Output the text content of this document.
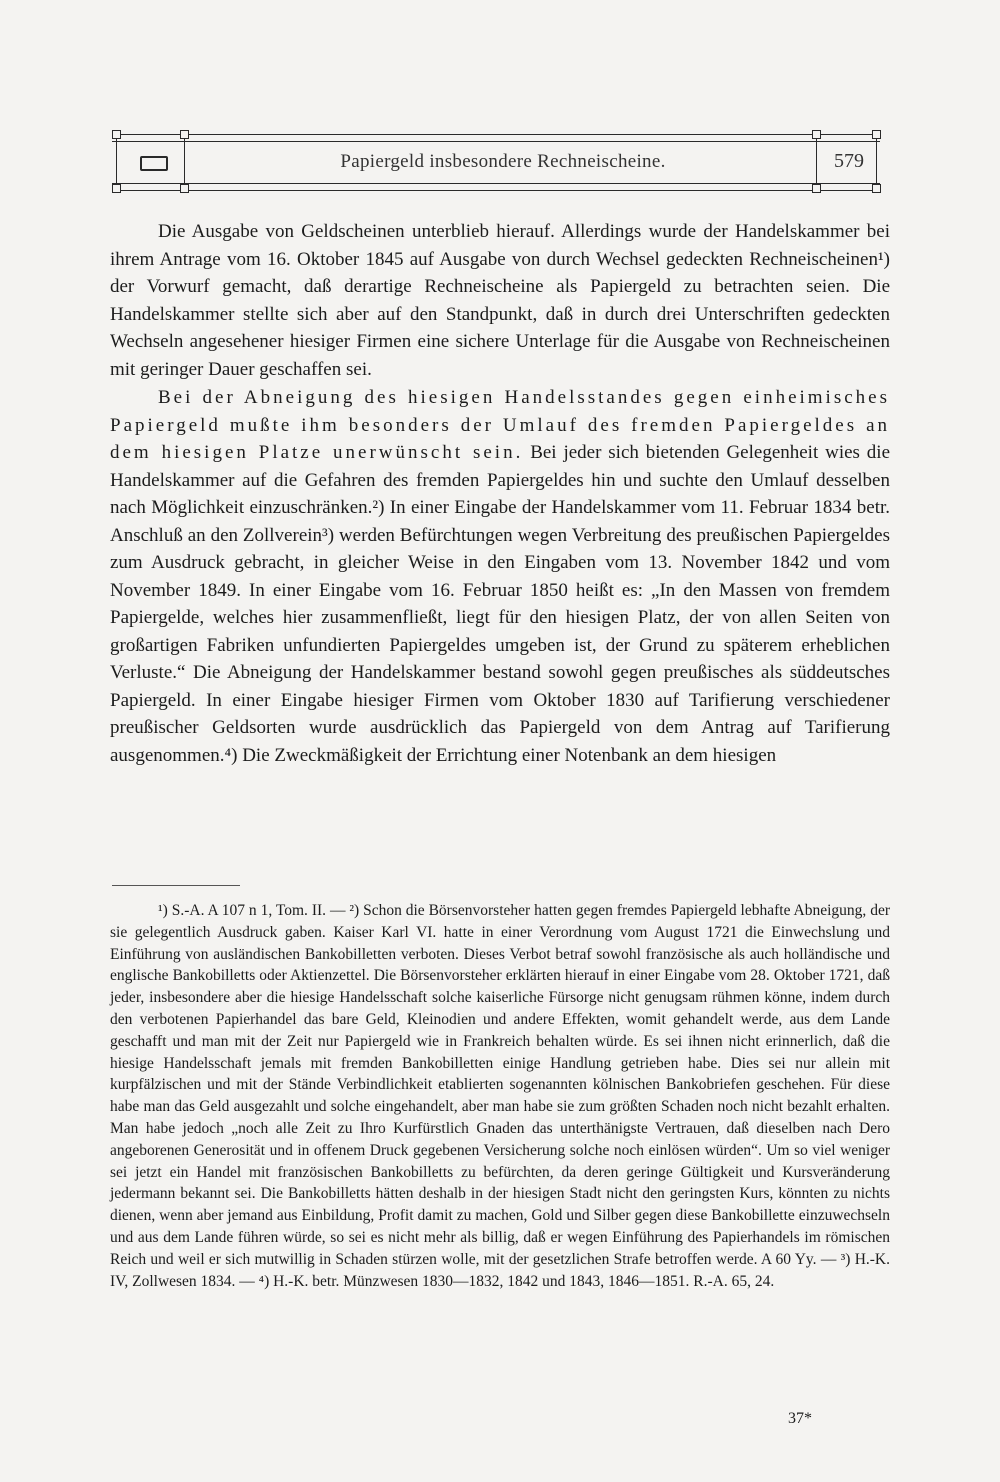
Papiergeld insbesondere Rechneischeine.	579

Die Ausgabe von Geldscheinen unterblieb hierauf. Allerdings wurde der Handelskammer bei ihrem Antrage vom 16. Oktober 1845 auf Ausgabe von durch Wechsel gedeckten Rechneischeinen¹) der Vorwurf gemacht, daß derartige Rechneischeine als Papiergeld zu betrachten seien. Die Handelskammer stellte sich aber auf den Standpunkt, daß in durch drei Unterschriften gedeckten Wechseln angesehener hiesiger Firmen eine sichere Unterlage für die Ausgabe von Rechneischeinen mit geringer Dauer geschaffen sei.

Bei der Abneigung des hiesigen Handelsstandes gegen einheimisches Papiergeld mußte ihm besonders der Umlauf des fremden Papiergeldes an dem hiesigen Platze unerwünscht sein. Bei jeder sich bietenden Gelegenheit wies die Handelskammer auf die Gefahren des fremden Papiergeldes hin und suchte den Umlauf desselben nach Möglichkeit einzuschränken.²) In einer Eingabe der Handelskammer vom 11. Februar 1834 betr. Anschluß an den Zollverein³) werden Befürchtungen wegen Verbreitung des preußischen Papiergeldes zum Ausdruck gebracht, in gleicher Weise in den Eingaben vom 13. November 1842 und vom November 1849. In einer Eingabe vom 16. Februar 1850 heißt es: „In den Massen von fremdem Papiergelde, welches hier zusammenfließt, liegt für den hiesigen Platz, der von allen Seiten von großartigen Fabriken unfundierten Papiergeldes umgeben ist, der Grund zu späterem erheblichen Verluste.“ Die Abneigung der Handelskammer bestand sowohl gegen preußisches als süddeutsches Papiergeld. In einer Eingabe hiesiger Firmen vom Oktober 1830 auf Tarifierung verschiedener preußischer Geldsorten wurde ausdrücklich das Papiergeld von dem Antrag auf Tarifierung ausgenommen.⁴) Die Zweckmäßigkeit der Errichtung einer Notenbank an dem hiesigen

¹) S.-A. A 107 n 1, Tom. II. — ²) Schon die Börsenvorsteher hatten gegen fremdes Papiergeld lebhafte Abneigung, der sie gelegentlich Ausdruck gaben. Kaiser Karl VI. hatte in einer Verordnung vom August 1721 die Einwechslung und Einführung von ausländischen Bankobilletten verboten. Dieses Verbot betraf sowohl französische als auch holländische und englische Bankobilletts oder Aktienzettel. Die Börsenvorsteher erklärten hierauf in einer Eingabe vom 28. Oktober 1721, daß jeder, insbesondere aber die hiesige Handelsschaft solche kaiserliche Fürsorge nicht genugsam rühmen könne, indem durch den verbotenen Papierhandel das bare Geld, Kleinodien und andere Effekten, womit gehandelt werde, aus dem Lande geschafft und man mit der Zeit nur Papiergeld wie in Frankreich behalten würde. Es sei ihnen nicht erinnerlich, daß die hiesige Handelsschaft jemals mit fremden Bankobilletten einige Handlung getrieben habe. Dies sei nur allein mit kurpfälzischen und mit der Stände Verbindlichkeit etablierten sogenannten kölnischen Bankobriefen geschehen. Für diese habe man das Geld ausgezahlt und solche eingehandelt, aber man habe sie zum größten Schaden noch nicht bezahlt erhalten. Man habe jedoch „noch alle Zeit zu Ihro Kurfürstlich Gnaden das unterthänigste Vertrauen, daß dieselben nach Dero angeborenen Generosität und in offenem Druck gegebenen Versicherung solche noch einlösen würden“. Um so viel weniger sei jetzt ein Handel mit französischen Bankobilletts zu befürchten, da deren geringe Gültigkeit und Kursveränderung jedermann bekannt sei. Die Bankobilletts hätten deshalb in der hiesigen Stadt nicht den geringsten Kurs, könnten zu nichts dienen, wenn aber jemand aus Einbildung, Profit damit zu machen, Gold und Silber gegen diese Bankobillette einzuwechseln und aus dem Lande führen würde, so sei es nicht mehr als billig, daß er wegen Einführung des Papierhandels im römischen Reich und weil er sich mutwillig in Schaden stürzen wolle, mit der gesetzlichen Strafe betroffen werde. A 60 Yy. — ³) H.-K. IV, Zollwesen 1834. — ⁴) H.-K. betr. Münzwesen 1830—1832, 1842 und 1843, 1846—1851. R.-A. 65, 24.

37*
